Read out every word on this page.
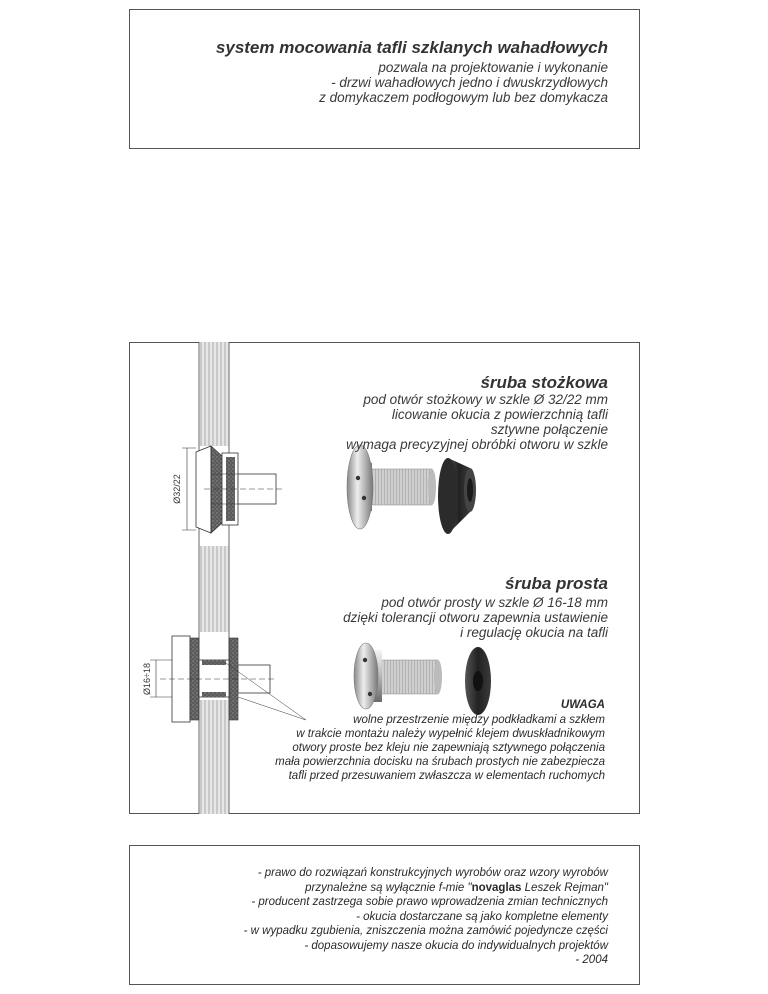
system mocowania tafli szklanych wahadłowych
pozwala na projektowanie i wykonanie
- drzwi wahadłowych jedno i dwuskrzydłowych
z domykaczem podłogowym lub bez domykacza
Ø32/22
Ø16÷18
śruba stożkowa
pod otwór stożkowy w szkle Ø 32/22 mm
licowanie okucia z powierzchnią tafli
sztywne połączenie
wymaga precyzyjnej obróbki otworu w szkle
śruba prosta
pod otwór prosty w szkle Ø 16-18 mm
dzięki tolerancji otworu zapewnia ustawienie
i regulację okucia na tafli
UWAGA
wolne przestrzenie między podkładkami a szkłem
w trakcie montażu należy wypełnić klejem dwuskładnikowym
otwory proste bez kleju nie zapewniają sztywnego połączenia
mała powierzchnia docisku na śrubach prostych nie zabezpiecza
tafli przed przesuwaniem zwłaszcza w elementach ruchomych
- prawo do rozwiązań konstrukcyjnych wyrobów oraz wzory wyrobów
przynależne są wyłącznie f-mie "novaglas Leszek Rejman"
- producent zastrzega sobie prawo wprowadzenia zmian technicznych
- okucia dostarczane są jako kompletne elementy
- w wypadku zgubienia, zniszczenia można zamówić pojedyncze części
- dopasowujemy nasze okucia do indywidualnych projektów
- 2004
